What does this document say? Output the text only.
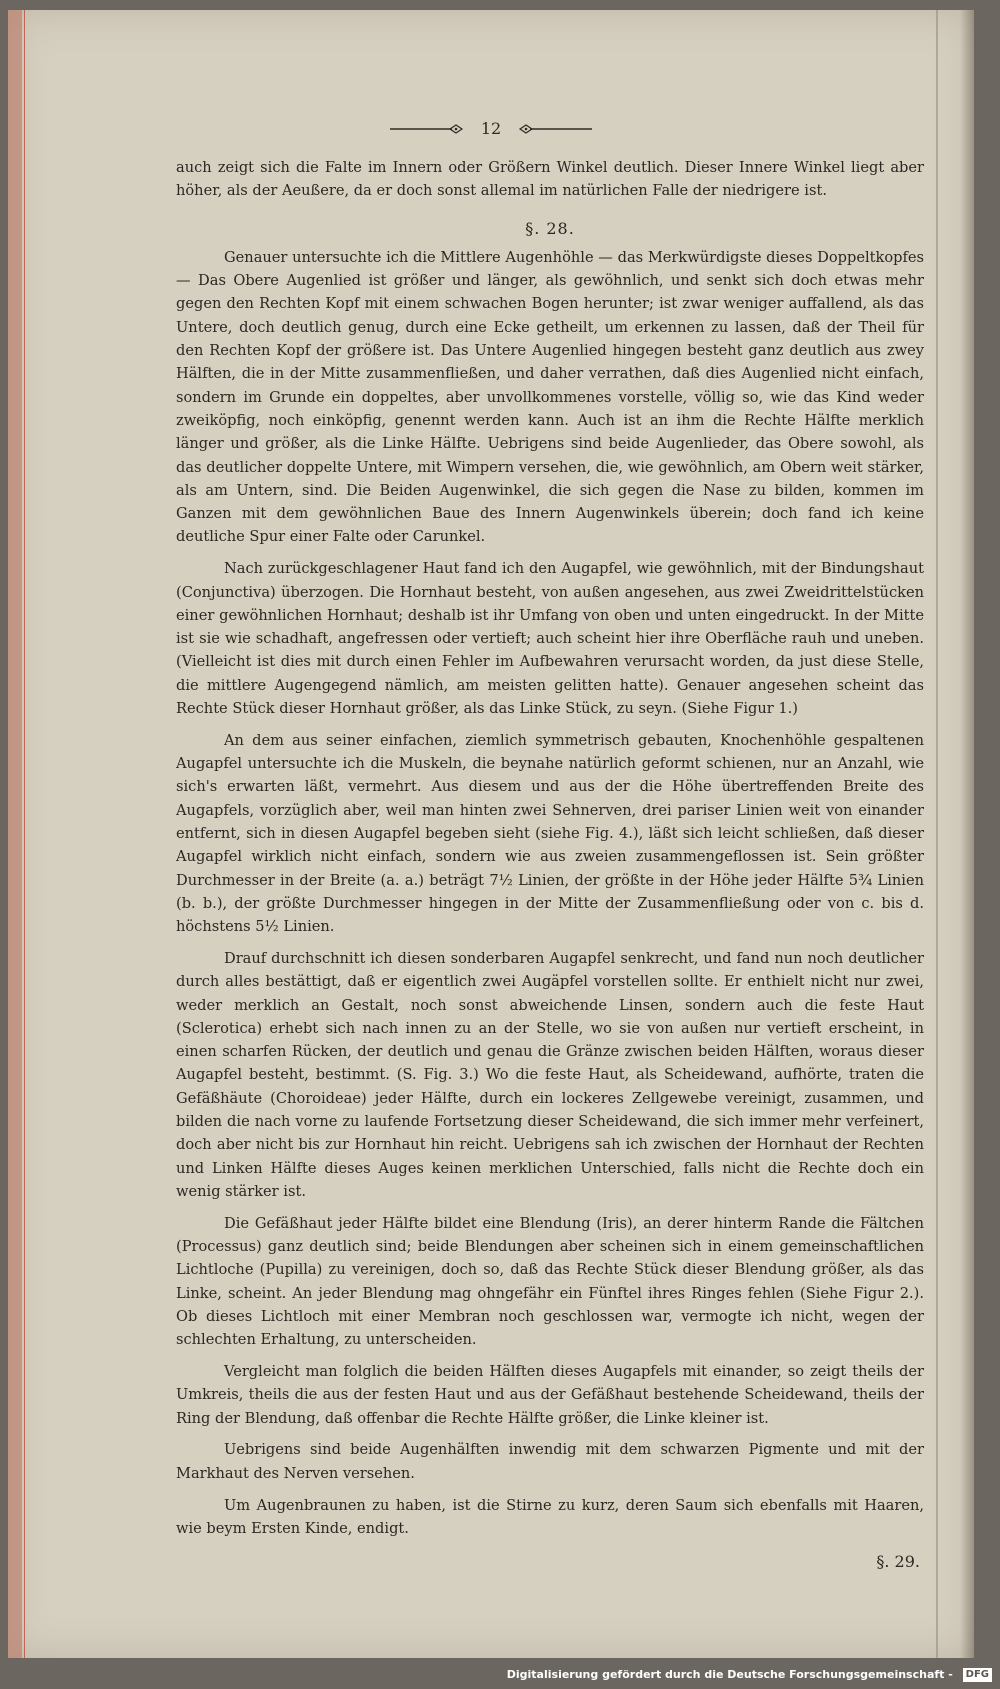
12

auch zeigt sich die Falte im Innern oder Größern Winkel deutlich. Dieser Innere Winkel liegt aber höher, als der Aeußere, da er doch sonst allemal im natürlichen Falle der niedrigere ist.

§. 28.

Genauer untersuchte ich die Mittlere Augenhöhle — das Merkwürdigste dieses Doppeltkopfes — Das Obere Augenlied ist größer und länger, als gewöhnlich, und senkt sich doch etwas mehr gegen den Rechten Kopf mit einem schwachen Bogen herunter; ist zwar weniger auffallend, als das Untere, doch deutlich genug, durch eine Ecke getheilt, um erkennen zu lassen, daß der Theil für den Rechten Kopf der größere ist. Das Untere Augenlied hingegen besteht ganz deutlich aus zwey Hälften, die in der Mitte zusammenfließen, und daher verrathen, daß dies Augenlied nicht einfach, sondern im Grunde ein doppeltes, aber unvollkommenes vorstelle, völlig so, wie das Kind weder zweiköpfig, noch einköpfig, genennt werden kann. Auch ist an ihm die Rechte Hälfte merklich länger und größer, als die Linke Hälfte. Uebrigens sind beide Augenlieder, das Obere sowohl, als das deutlicher doppelte Untere, mit Wimpern versehen, die, wie gewöhnlich, am Obern weit stärker, als am Untern, sind. Die Beiden Augenwinkel, die sich gegen die Nase zu bilden, kommen im Ganzen mit dem gewöhnlichen Baue des Innern Augenwinkels überein; doch fand ich keine deutliche Spur einer Falte oder Carunkel.

Nach zurückgeschlagener Haut fand ich den Augapfel, wie gewöhnlich, mit der Bindungshaut (Conjunctiva) überzogen. Die Hornhaut besteht, von außen angesehen, aus zwei Zweidrittelstücken einer gewöhnlichen Hornhaut; deshalb ist ihr Umfang von oben und unten eingedruckt. In der Mitte ist sie wie schadhaft, angefressen oder vertieft; auch scheint hier ihre Oberfläche rauh und uneben. (Vielleicht ist dies mit durch einen Fehler im Aufbewahren verursacht worden, da just diese Stelle, die mittlere Augengegend nämlich, am meisten gelitten hatte). Genauer angesehen scheint das Rechte Stück dieser Hornhaut größer, als das Linke Stück, zu seyn. (Siehe Figur 1.)

An dem aus seiner einfachen, ziemlich symmetrisch gebauten, Knochenhöhle gespaltenen Augapfel untersuchte ich die Muskeln, die beynahe natürlich geformt schienen, nur an Anzahl, wie sich's erwarten läßt, vermehrt. Aus diesem und aus der die Höhe übertreffenden Breite des Augapfels, vorzüglich aber, weil man hinten zwei Sehnerven, drei pariser Linien weit von einander entfernt, sich in diesen Augapfel begeben sieht (siehe Fig. 4.), läßt sich leicht schließen, daß dieser Augapfel wirklich nicht einfach, sondern wie aus zweien zusammengeflossen ist. Sein größter Durchmesser in der Breite (a. a.) beträgt 7½ Linien, der größte in der Höhe jeder Hälfte 5¾ Linien (b. b.), der größte Durchmesser hingegen in der Mitte der Zusammenfließung oder von c. bis d. höchstens 5½ Linien.

Drauf durchschnitt ich diesen sonderbaren Augapfel senkrecht, und fand nun noch deutlicher durch alles bestättigt, daß er eigentlich zwei Augäpfel vorstellen sollte. Er enthielt nicht nur zwei, weder merklich an Gestalt, noch sonst abweichende Linsen, sondern auch die feste Haut (Sclerotica) erhebt sich nach innen zu an der Stelle, wo sie von außen nur vertieft erscheint, in einen scharfen Rücken, der deutlich und genau die Gränze zwischen beiden Hälften, woraus dieser Augapfel besteht, bestimmt. (S. Fig. 3.) Wo die feste Haut, als Scheidewand, aufhörte, traten die Gefäßhäute (Choroideae) jeder Hälfte, durch ein lockeres Zellgewebe vereinigt, zusammen, und bilden die nach vorne zu laufende Fortsetzung dieser Scheidewand, die sich immer mehr verfeinert, doch aber nicht bis zur Hornhaut hin reicht. Uebrigens sah ich zwischen der Hornhaut der Rechten und Linken Hälfte dieses Auges keinen merklichen Unterschied, falls nicht die Rechte doch ein wenig stärker ist.

Die Gefäßhaut jeder Hälfte bildet eine Blendung (Iris), an derer hinterm Rande die Fältchen (Processus) ganz deutlich sind; beide Blendungen aber scheinen sich in einem gemeinschaftlichen Lichtloche (Pupilla) zu vereinigen, doch so, daß das Rechte Stück dieser Blendung größer, als das Linke, scheint. An jeder Blendung mag ohngefähr ein Fünftel ihres Ringes fehlen (Siehe Figur 2.). Ob dieses Lichtloch mit einer Membran noch geschlossen war, vermogte ich nicht, wegen der schlechten Erhaltung, zu unterscheiden.

Vergleicht man folglich die beiden Hälften dieses Augapfels mit einander, so zeigt theils der Umkreis, theils die aus der festen Haut und aus der Gefäßhaut bestehende Scheidewand, theils der Ring der Blendung, daß offenbar die Rechte Hälfte größer, die Linke kleiner ist.

Uebrigens sind beide Augenhälften inwendig mit dem schwarzen Pigmente und mit der Markhaut des Nerven versehen.

Um Augenbraunen zu haben, ist die Stirne zu kurz, deren Saum sich ebenfalls mit Haaren, wie beym Ersten Kinde, endigt.

§. 29.
Digitalisierung gefördert durch die Deutsche Forschungsgemeinschaft - DFG
